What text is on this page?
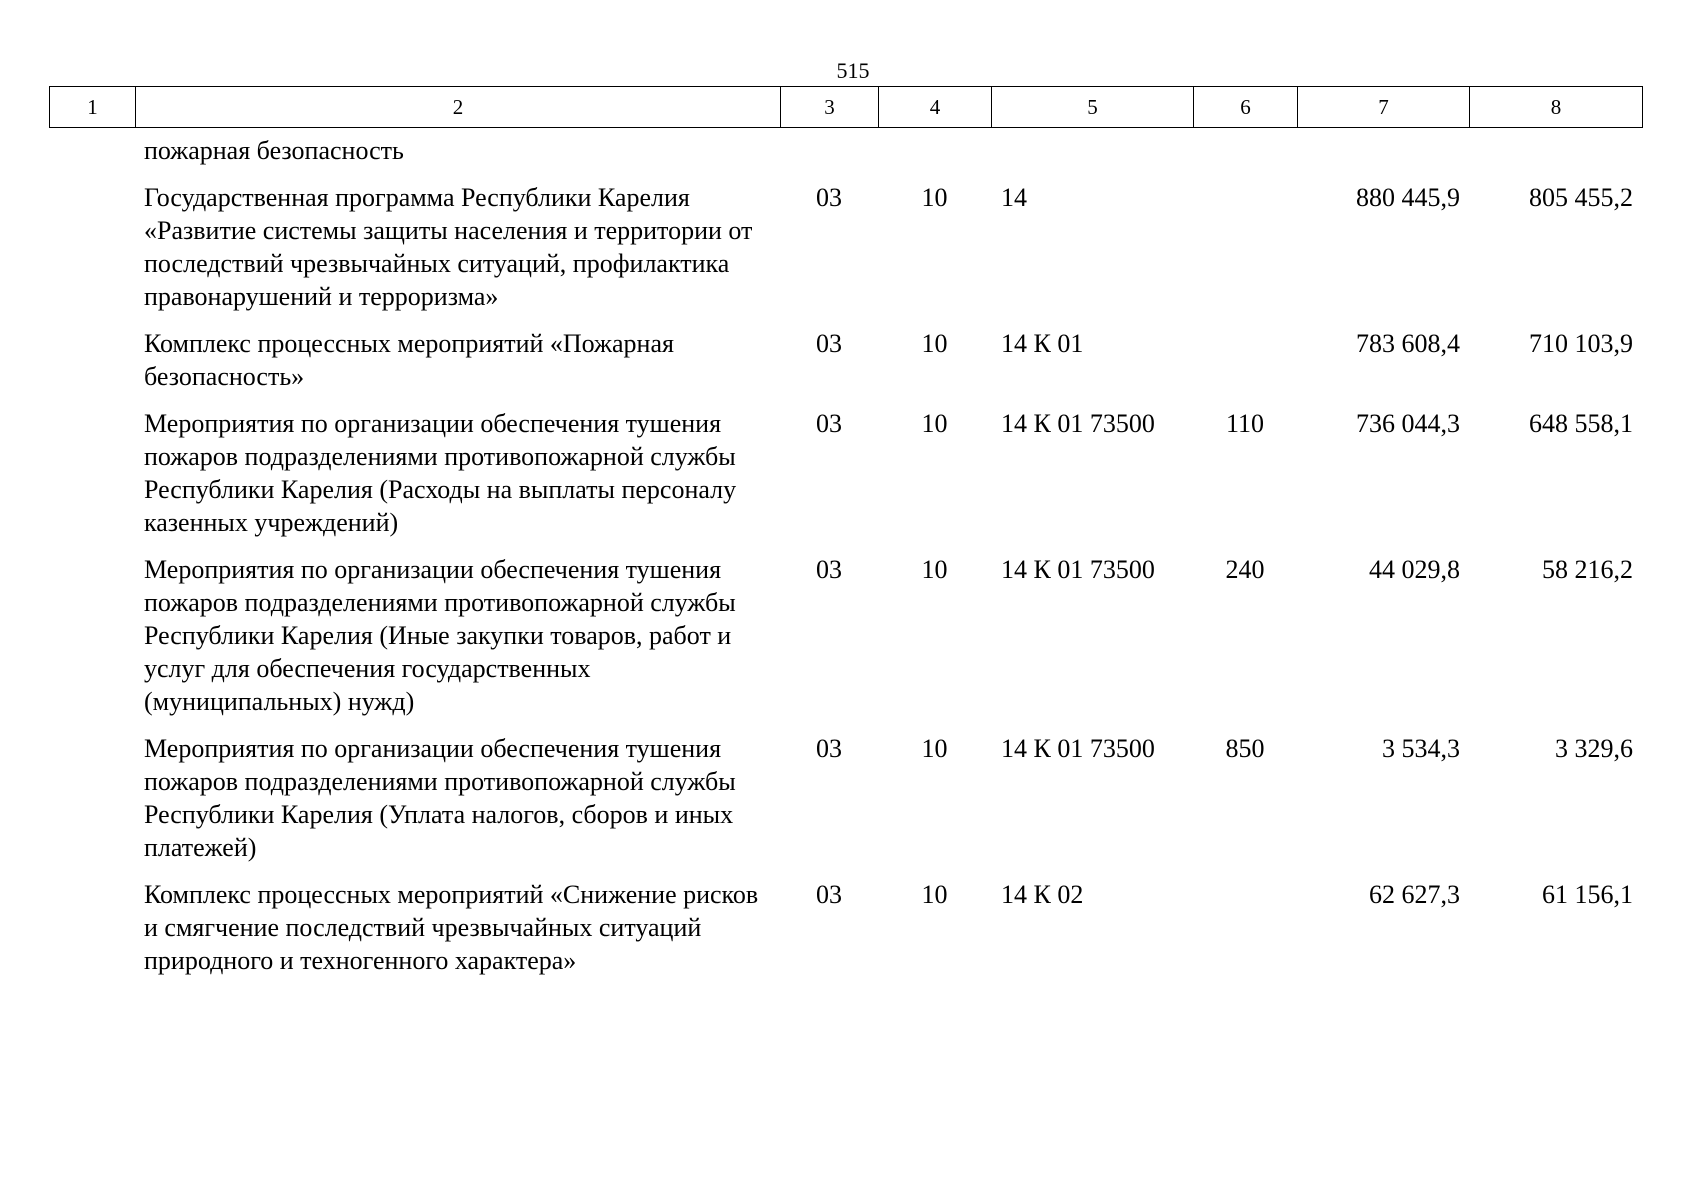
515
1	2	3	4	5	6	7	8
пожарная безопасность						

Государственная программа Республики Карелия «Развитие системы защиты населения и территории от последствий чрезвычайных ситуаций, профилактика правонарушений и терроризма»	03	10	14		880 445,9	805 455,2

Комплекс процессных мероприятий «Пожарная безопасность»	03	10	14 К 01		783 608,4	710 103,9

Мероприятия по организации обеспечения тушения пожаров подразделениями противопожарной службы Республики Карелия (Расходы на выплаты персоналу казенных учреждений)	03	10	14 К 01 73500	110	736 044,3	648 558,1

Мероприятия по организации обеспечения тушения пожаров подразделениями противопожарной службы Республики Карелия (Иные закупки товаров, работ и услуг для обеспечения государственных (муниципальных) нужд)	03	10	14 К 01 73500	240	44 029,8	58 216,2

Мероприятия по организации обеспечения тушения пожаров подразделениями противопожарной службы Республики Карелия (Уплата налогов, сборов и иных платежей)	03	10	14 К 01 73500	850	3 534,3	3 329,6

Комплекс процессных мероприятий «Снижение рисков и смягчение последствий чрезвычайных ситуаций природного и техногенного характера»	03	10	14 К 02		62 627,3	61 156,1
